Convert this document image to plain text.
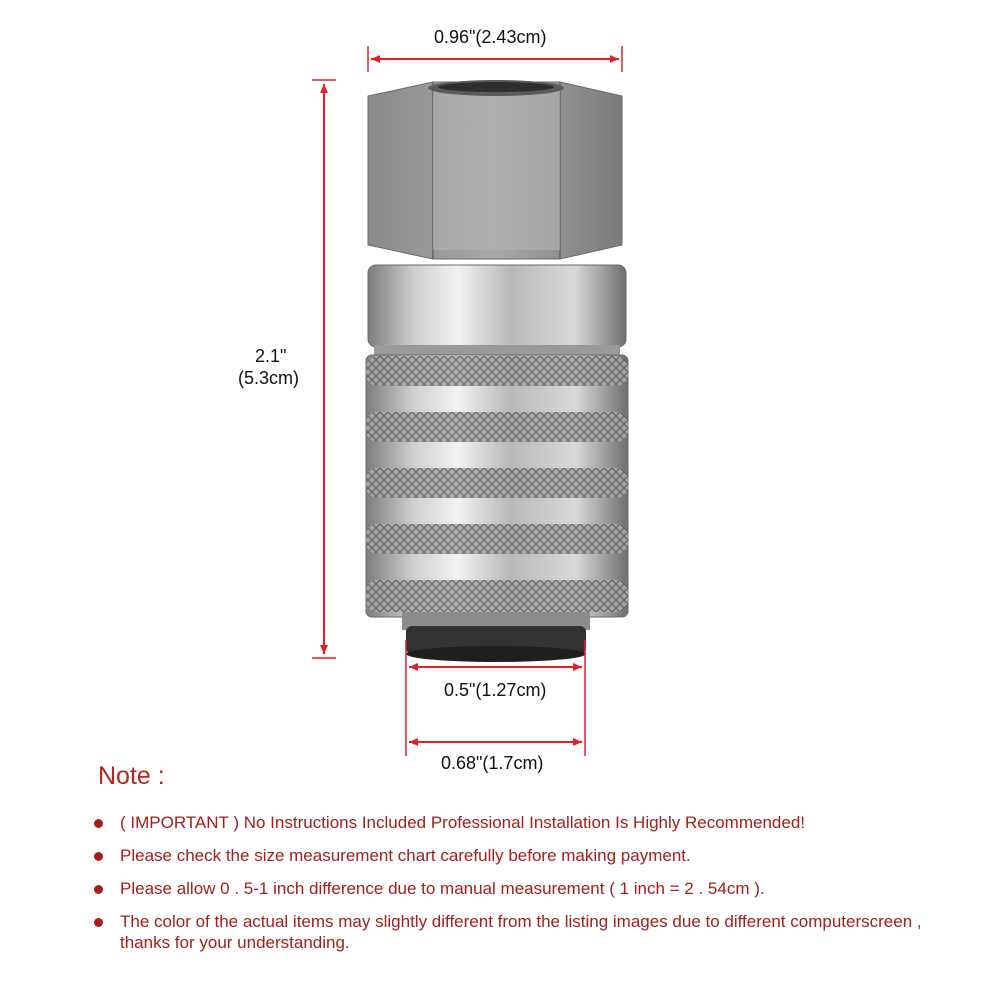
0.96"(2.43cm)
2.1"
(5.3cm)
0.5"(1.27cm)
0.68"(1.7cm)
Note :
( IMPORTANT ) No Instructions Included Professional Installation Is Highly Recommended!
Please check the size measurement chart carefully before making payment.
Please allow 0 . 5-1 inch difference due to manual measurement ( 1 inch = 2 . 54cm ).
The color of the actual items may slightly different from the listing images due to different computerscreen , thanks for your understanding.
